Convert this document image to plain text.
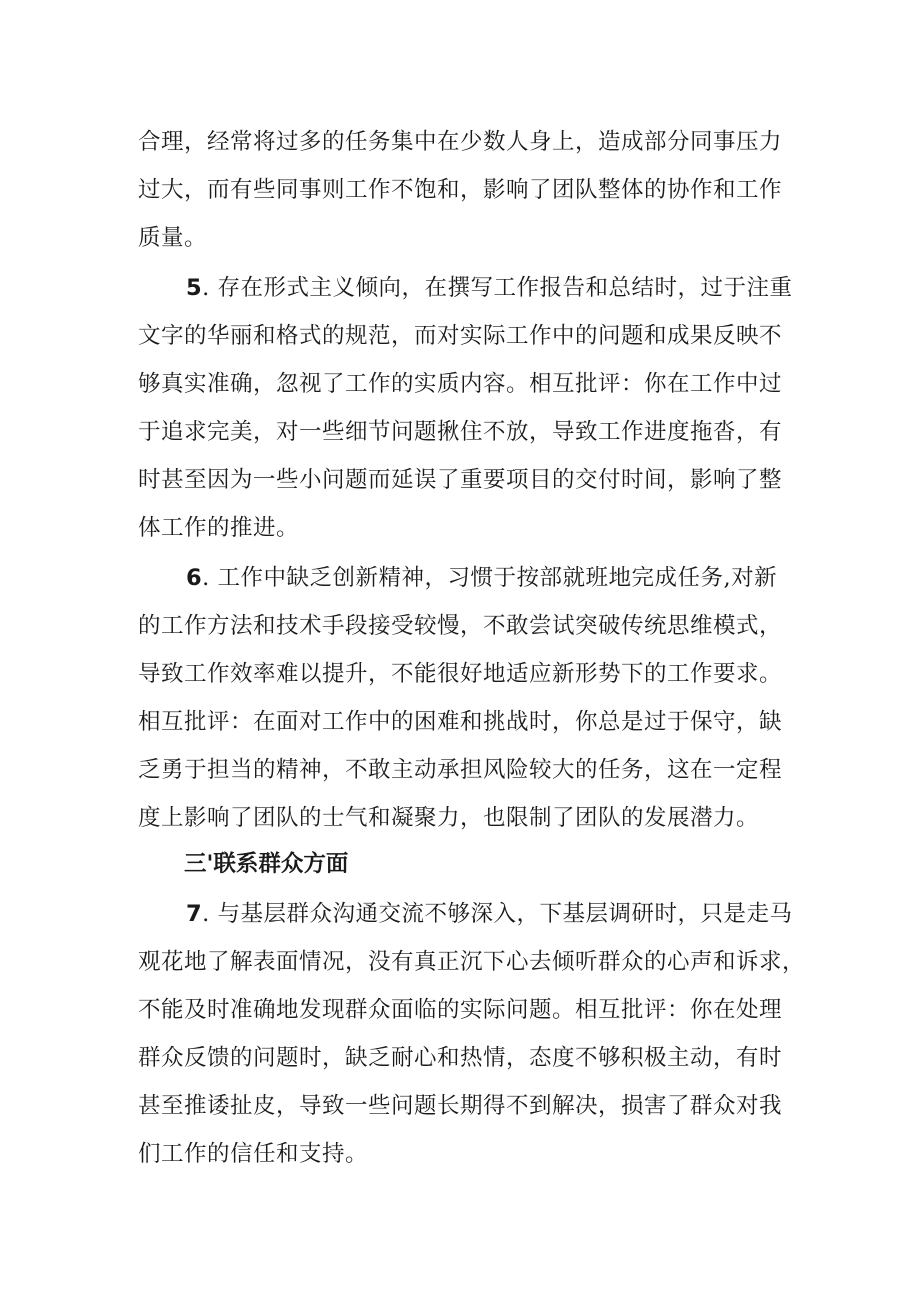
合理，经常将过多的任务集中在少数人身上，造成部分同事压力

过大，而有些同事则工作不饱和，影响了团队整体的协作和工作

质量。

5. 存在形式主义倾向，在撰写工作报告和总结时，过于注重

文字的华丽和格式的规范，而对实际工作中的问题和成果反映不

够真实准确，忽视了工作的实质内容。相互批评：你在工作中过

于追求完美，对一些细节问题揪住不放，导致工作进度拖沓，有

时甚至因为一些小问题而延误了重要项目的交付时间，影响了整

体工作的推进。

6. 工作中缺乏创新精神，习惯于按部就班地完成任务,对新

的工作方法和技术手段接受较慢，不敢尝试突破传统思维模式，

导致工作效率难以提升，不能很好地适应新形势下的工作要求。

相互批评：在面对工作中的困难和挑战时，你总是过于保守，缺

乏勇于担当的精神，不敢主动承担风险较大的任务，这在一定程

度上影响了团队的士气和凝聚力，也限制了团队的发展潜力。

三'联系群众方面

7. 与基层群众沟通交流不够深入，下基层调研时，只是走马

观花地了解表面情况，没有真正沉下心去倾听群众的心声和诉求，

不能及时准确地发现群众面临的实际问题。相互批评：你在处理

群众反馈的问题时，缺乏耐心和热情，态度不够积极主动，有时

甚至推诿扯皮，导致一些问题长期得不到解决，损害了群众对我

们工作的信任和支持。
